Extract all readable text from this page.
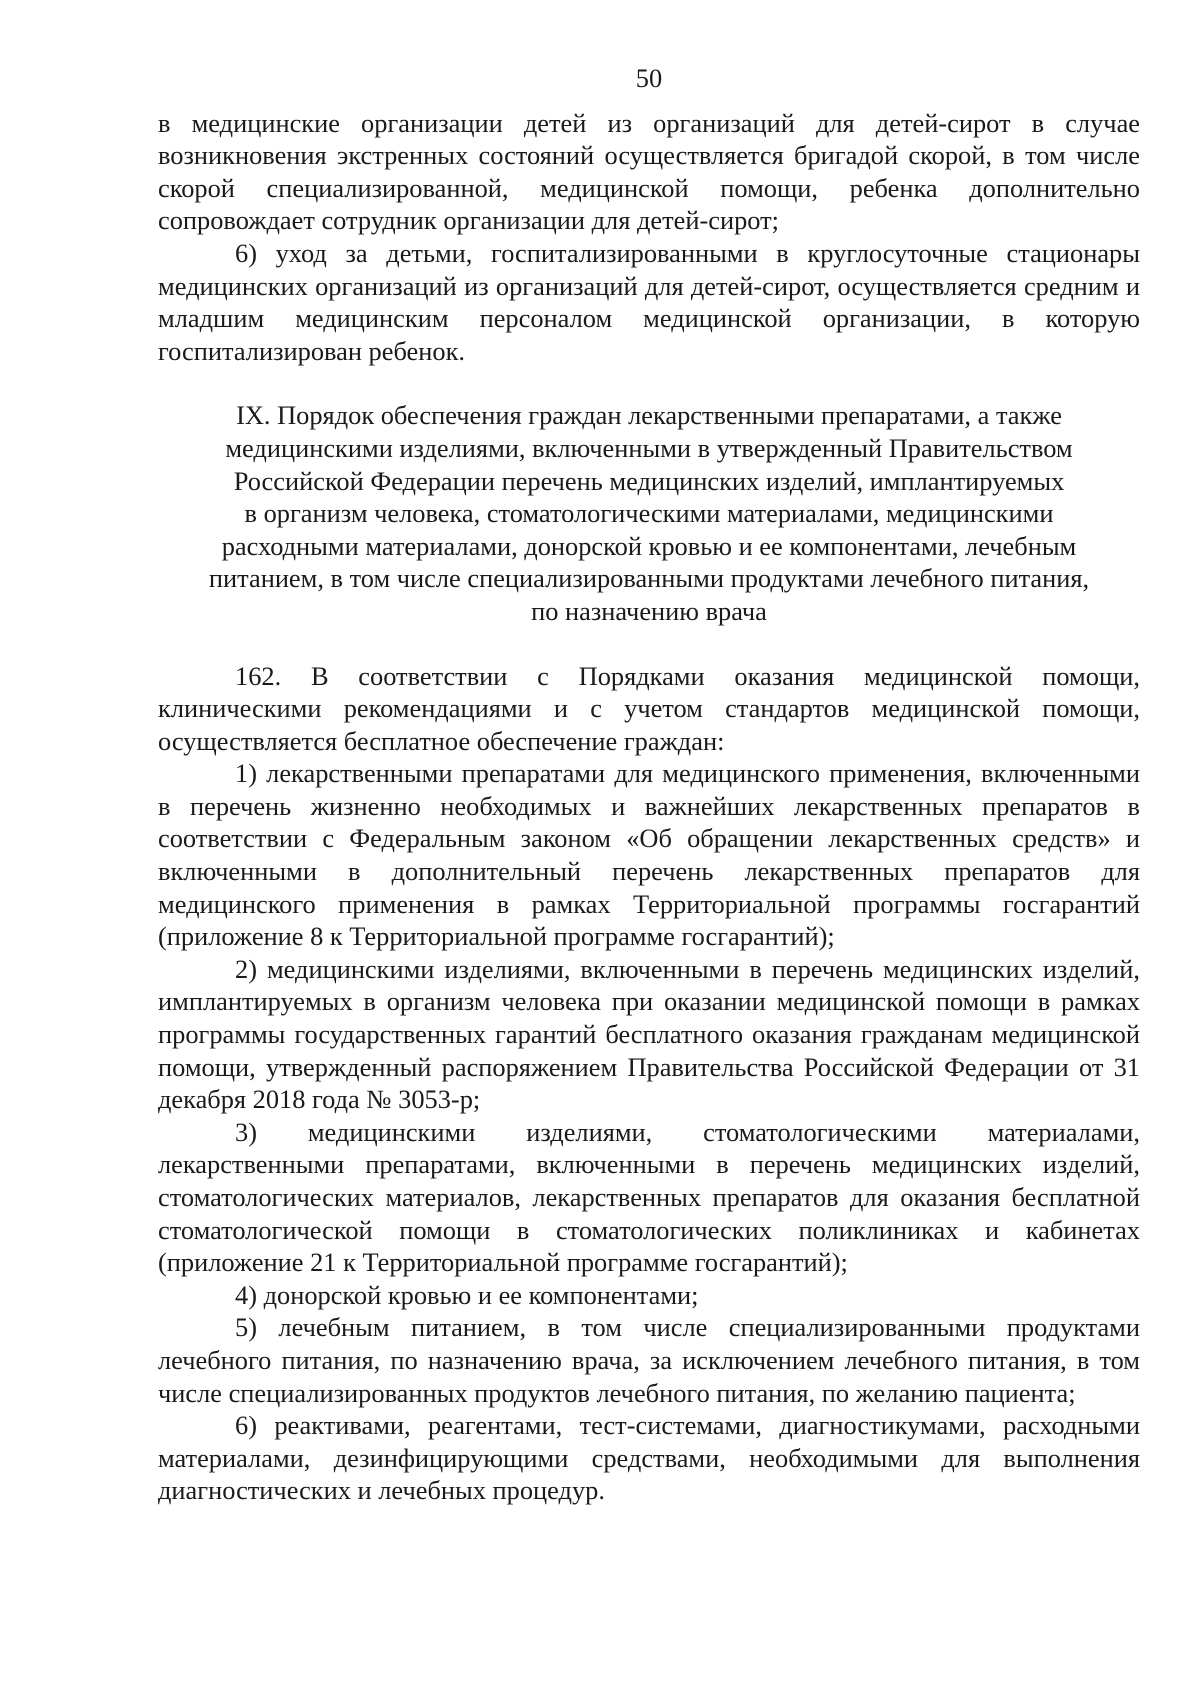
50

в медицинские организации детей из организаций для детей-сирот в случае возникновения экстренных состояний осуществляется бригадой скорой, в том числе скорой специализированной, медицинской помощи, ребенка дополнительно сопровождает сотрудник организации для детей-сирот;

6) уход за детьми, госпитализированными в круглосуточные стационары медицинских организаций из организаций для детей-сирот, осуществляется средним и младшим медицинским персоналом медицинской организации, в которую госпитализирован ребенок.

IX. Порядок обеспечения граждан лекарственными препаратами, а также
медицинскими изделиями, включенными в утвержденный Правительством
Российской Федерации перечень медицинских изделий, имплантируемых
в организм человека, стоматологическими материалами, медицинскими
расходными материалами, донорской кровью и ее компонентами, лечебным
питанием, в том числе специализированными продуктами лечебного питания,
по назначению врача

162. В соответствии с Порядками оказания медицинской помощи, клиническими рекомендациями и с учетом стандартов медицинской помощи, осуществляется бесплатное обеспечение граждан:

1) лекарственными препаратами для медицинского применения, включенными в перечень жизненно необходимых и важнейших лекарственных препаратов в соответствии с Федеральным законом «Об обращении лекарственных средств» и включенными в дополнительный перечень лекарственных препаратов для медицинского применения в рамках Территориальной программы госгарантий (приложение 8 к Территориальной программе госгарантий);

2) медицинскими изделиями, включенными в перечень медицинских изделий, имплантируемых в организм человека при оказании медицинской помощи в рамках программы государственных гарантий бесплатного оказания гражданам медицинской помощи, утвержденный распоряжением Правительства Российской Федерации от 31 декабря 2018 года № 3053-р;

3) медицинскими изделиями, стоматологическими материалами, лекарственными препаратами, включенными в перечень медицинских изделий, стоматологических материалов, лекарственных препаратов для оказания бесплатной стоматологической помощи в стоматологических поликлиниках и кабинетах (приложение 21 к Территориальной программе госгарантий);

4) донорской кровью и ее компонентами;

5) лечебным питанием, в том числе специализированными продуктами лечебного питания, по назначению врача, за исключением лечебного питания, в том числе специализированных продуктов лечебного питания, по желанию пациента;

6) реактивами, реагентами, тест-системами, диагностикумами, расходными материалами, дезинфицирующими средствами, необходимыми для выполнения диагностических и лечебных процедур.
